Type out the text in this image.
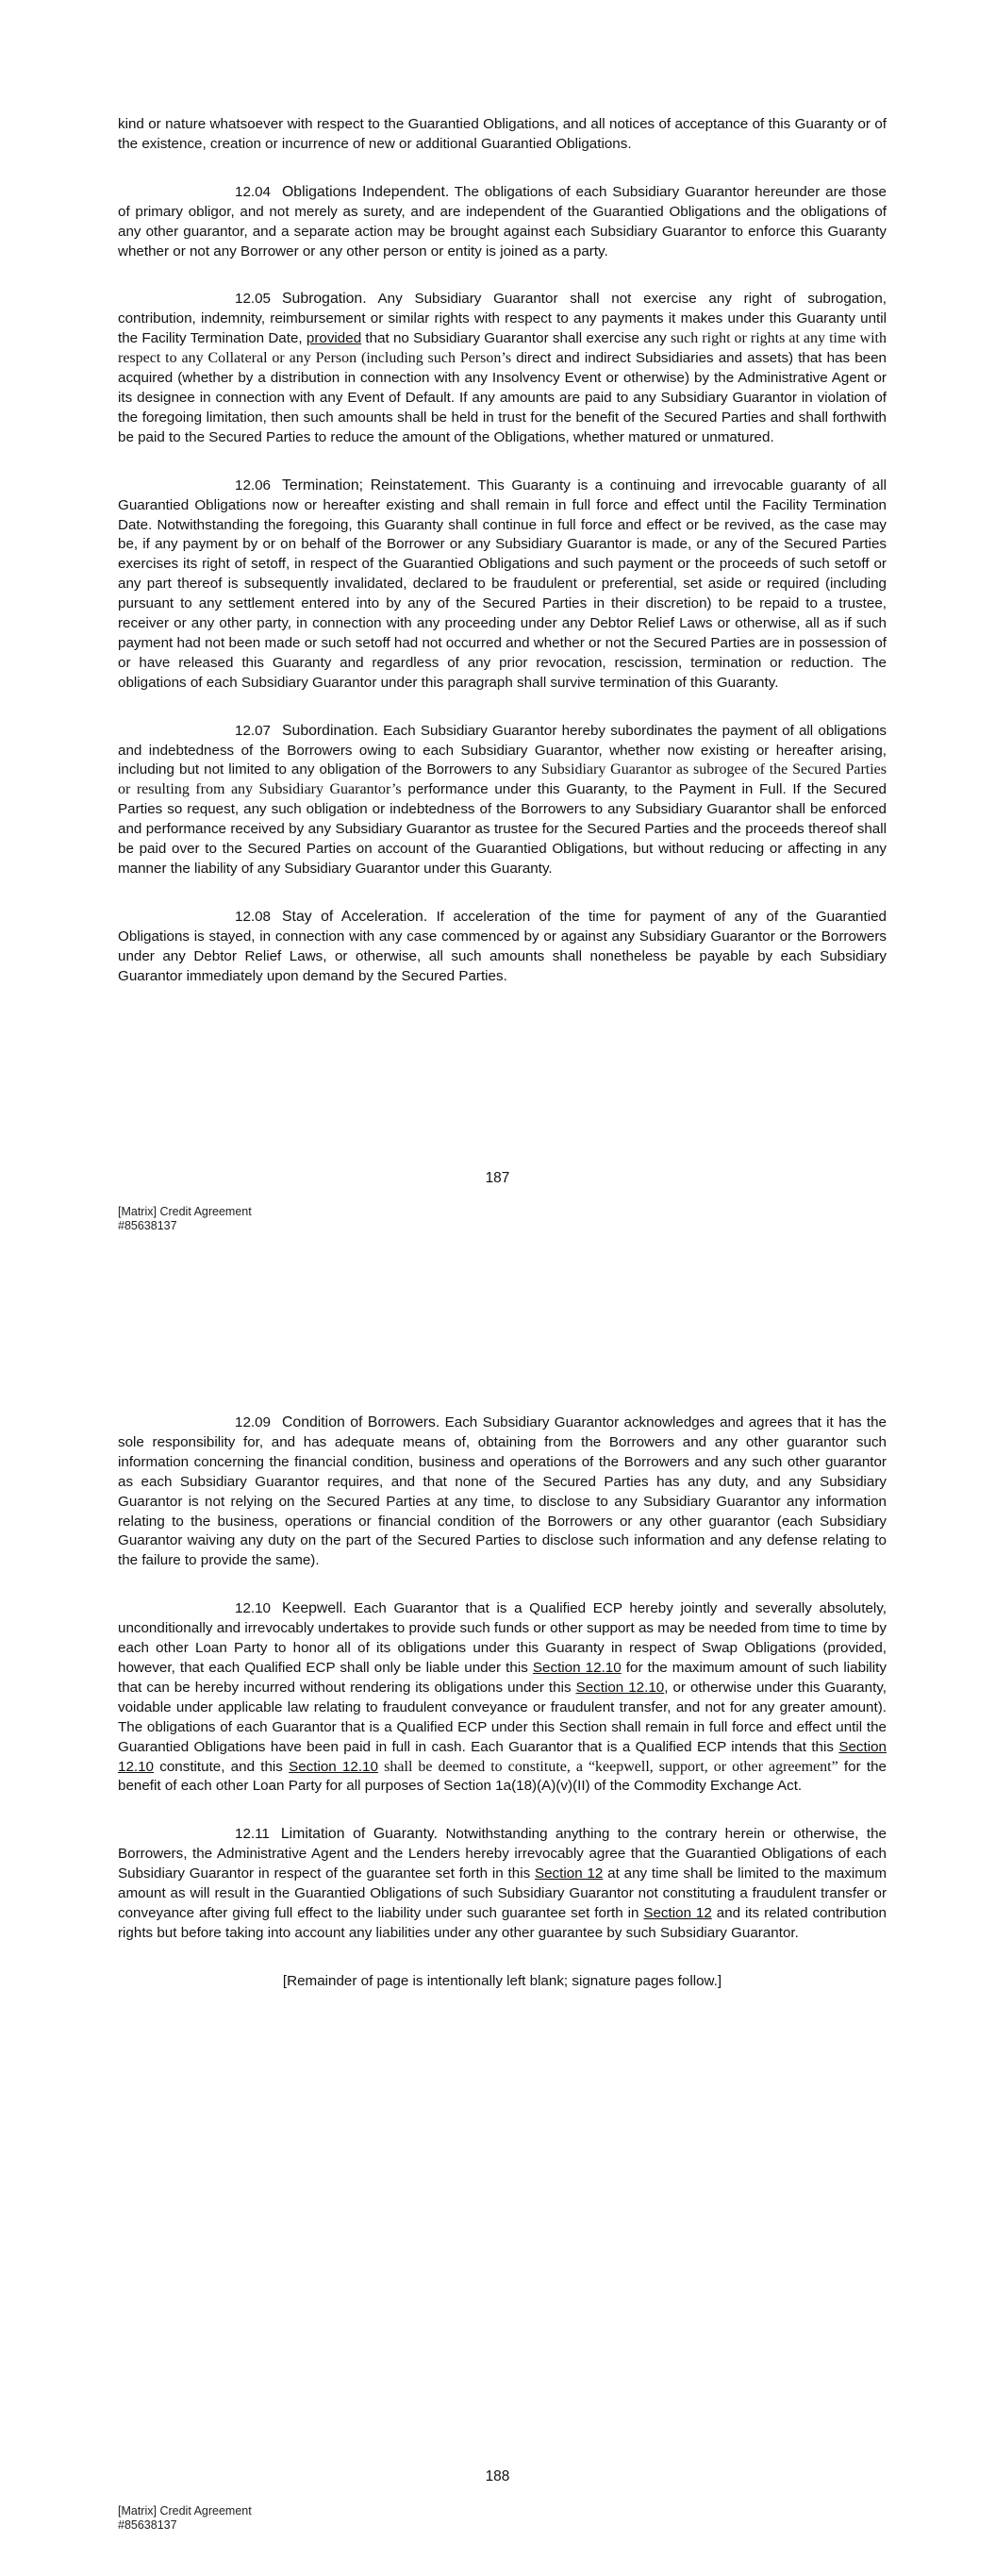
kind or nature whatsoever with respect to the Guarantied Obligations, and all notices of acceptance of this Guaranty or of the existence, creation or incurrence of new or additional Guarantied Obligations.

12.04 Obligations Independent. The obligations of each Subsidiary Guarantor hereunder are those of primary obligor, and not merely as surety, and are independent of the Guarantied Obligations and the obligations of any other guarantor, and a separate action may be brought against each Subsidiary Guarantor to enforce this Guaranty whether or not any Borrower or any other person or entity is joined as a party.

12.05 Subrogation. Any Subsidiary Guarantor shall not exercise any right of subrogation, contribution, indemnity, reimbursement or similar rights with respect to any payments it makes under this Guaranty until the Facility Termination Date, provided that no Subsidiary Guarantor shall exercise any such right or rights at any time with respect to any Collateral or any Person (including such Person’s direct and indirect Subsidiaries and assets) that has been acquired (whether by a distribution in connection with any Insolvency Event or otherwise) by the Administrative Agent or its designee in connection with any Event of Default. If any amounts are paid to any Subsidiary Guarantor in violation of the foregoing limitation, then such amounts shall be held in trust for the benefit of the Secured Parties and shall forthwith be paid to the Secured Parties to reduce the amount of the Obligations, whether matured or unmatured.

12.06 Termination; Reinstatement. This Guaranty is a continuing and irrevocable guaranty of all Guarantied Obligations now or hereafter existing and shall remain in full force and effect until the Facility Termination Date. Notwithstanding the foregoing, this Guaranty shall continue in full force and effect or be revived, as the case may be, if any payment by or on behalf of the Borrower or any Subsidiary Guarantor is made, or any of the Secured Parties exercises its right of setoff, in respect of the Guarantied Obligations and such payment or the proceeds of such setoff or any part thereof is subsequently invalidated, declared to be fraudulent or preferential, set aside or required (including pursuant to any settlement entered into by any of the Secured Parties in their discretion) to be repaid to a trustee, receiver or any other party, in connection with any proceeding under any Debtor Relief Laws or otherwise, all as if such payment had not been made or such setoff had not occurred and whether or not the Secured Parties are in possession of or have released this Guaranty and regardless of any prior revocation, rescission, termination or reduction. The obligations of each Subsidiary Guarantor under this paragraph shall survive termination of this Guaranty.

12.07 Subordination. Each Subsidiary Guarantor hereby subordinates the payment of all obligations and indebtedness of the Borrowers owing to each Subsidiary Guarantor, whether now existing or hereafter arising, including but not limited to any obligation of the Borrowers to any Subsidiary Guarantor as subrogee of the Secured Parties or resulting from any Subsidiary Guarantor’s performance under this Guaranty, to the Payment in Full. If the Secured Parties so request, any such obligation or indebtedness of the Borrowers to any Subsidiary Guarantor shall be enforced and performance received by any Subsidiary Guarantor as trustee for the Secured Parties and the proceeds thereof shall be paid over to the Secured Parties on account of the Guarantied Obligations, but without reducing or affecting in any manner the liability of any Subsidiary Guarantor under this Guaranty.

12.08 Stay of Acceleration. If acceleration of the time for payment of any of the Guarantied Obligations is stayed, in connection with any case commenced by or against any Subsidiary Guarantor or the Borrowers under any Debtor Relief Laws, or otherwise, all such amounts shall nonetheless be payable by each Subsidiary Guarantor immediately upon demand by the Secured Parties.

187
[Matrix] Credit Agreement
#85638137

12.09 Condition of Borrowers. Each Subsidiary Guarantor acknowledges and agrees that it has the sole responsibility for, and has adequate means of, obtaining from the Borrowers and any other guarantor such information concerning the financial condition, business and operations of the Borrowers and any such other guarantor as each Subsidiary Guarantor requires, and that none of the Secured Parties has any duty, and any Subsidiary Guarantor is not relying on the Secured Parties at any time, to disclose to any Subsidiary Guarantor any information relating to the business, operations or financial condition of the Borrowers or any other guarantor (each Subsidiary Guarantor waiving any duty on the part of the Secured Parties to disclose such information and any defense relating to the failure to provide the same).

12.10 Keepwell. Each Guarantor that is a Qualified ECP hereby jointly and severally absolutely, unconditionally and irrevocably undertakes to provide such funds or other support as may be needed from time to time by each other Loan Party to honor all of its obligations under this Guaranty in respect of Swap Obligations (provided, however, that each Qualified ECP shall only be liable under this Section 12.10 for the maximum amount of such liability that can be hereby incurred without rendering its obligations under this Section 12.10, or otherwise under this Guaranty, voidable under applicable law relating to fraudulent conveyance or fraudulent transfer, and not for any greater amount). The obligations of each Guarantor that is a Qualified ECP under this Section shall remain in full force and effect until the Guarantied Obligations have been paid in full in cash. Each Guarantor that is a Qualified ECP intends that this Section 12.10 constitute, and this Section 12.10 shall be deemed to constitute, a “keepwell, support, or other agreement” for the benefit of each other Loan Party for all purposes of Section 1a(18)(A)(v)(II) of the Commodity Exchange Act.

12.11 Limitation of Guaranty. Notwithstanding anything to the contrary herein or otherwise, the Borrowers, the Administrative Agent and the Lenders hereby irrevocably agree that the Guarantied Obligations of each Subsidiary Guarantor in respect of the guarantee set forth in this Section 12 at any time shall be limited to the maximum amount as will result in the Guarantied Obligations of such Subsidiary Guarantor not constituting a fraudulent transfer or conveyance after giving full effect to the liability under such guarantee set forth in Section 12 and its related contribution rights but before taking into account any liabilities under any other guarantee by such Subsidiary Guarantor.

[Remainder of page is intentionally left blank; signature pages follow.]

188
[Matrix] Credit Agreement
#85638137
